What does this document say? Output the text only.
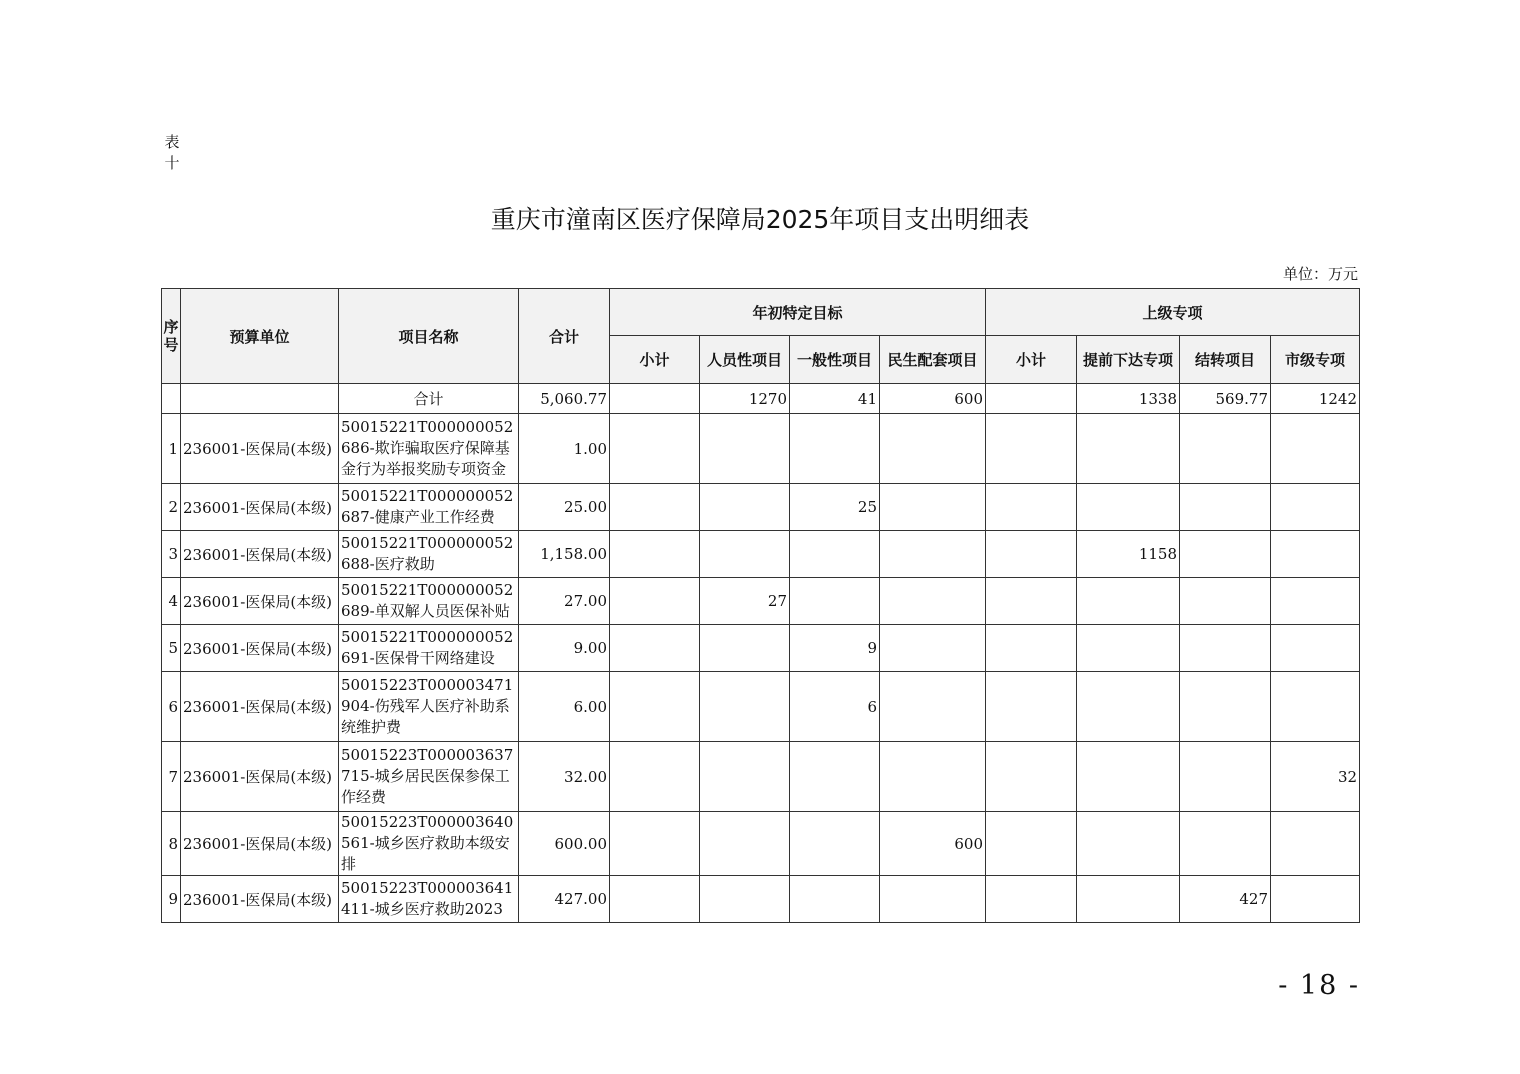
表十
重庆市潼南区医疗保障局2025年项目支出明细表
单位：万元
序号	预算单位	项目名称	合计	年初特定目标				上级专项			
				小计	人员性项目	一般性项目	民生配套项目	小计	提前下达专项	结转项目	市级专项
		合计	5,060.77		1270	41	600		1338	569.77	1242
1	236001-医保局(本级)	50015221T000000052686-欺诈骗取医疗保障基金行为举报奖励专项资金	1.00								
2	236001-医保局(本级)	50015221T000000052687-健康产业工作经费	25.00			25					
3	236001-医保局(本级)	50015221T000000052688-医疗救助	1,158.00						1158		
4	236001-医保局(本级)	50015221T000000052689-单双解人员医保补贴	27.00		27						
5	236001-医保局(本级)	50015221T000000052691-医保骨干网络建设	9.00			9					
6	236001-医保局(本级)	50015223T000003471904-伤残军人医疗补助系统维护费	6.00			6					
7	236001-医保局(本级)	50015223T000003637715-城乡居民医保参保工作经费	32.00								32
8	236001-医保局(本级)	50015223T000003640561-城乡医疗救助本级安排	600.00				600				
9	236001-医保局(本级)	50015223T000003641411-城乡医疗救助2023	427.00							427	
- 18 -
